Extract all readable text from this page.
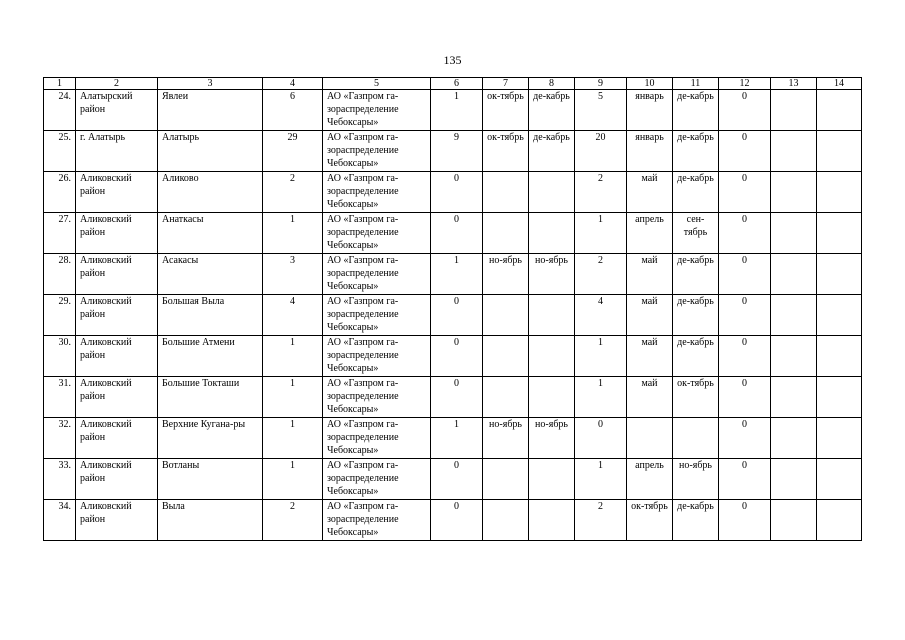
135
1	2	3	4	5	6	7	8	9	10	11	12	13	14
24.	Алатырский район	Явлеи	6	АО «Газпром га-зораспределение Чебоксары»	1	ок-тябрь	де-кабрь	5	январь	де-кабрь	0		
25.	г. Алатырь	Алатырь	29	АО «Газпром га-зораспределение Чебоксары»	9	ок-тябрь	де-кабрь	20	январь	де-кабрь	0		
26.	Аликовский район	Аликово	2	АО «Газпром га-зораспределение Чебоксары»	0			2	май	де-кабрь	0		
27.	Аликовский район	Анаткасы	1	АО «Газпром га-зораспределение Чебоксары»	0			1	апрель	сен-тябрь	0		
28.	Аликовский район	Асакасы	3	АО «Газпром га-зораспределение Чебоксары»	1	но-ябрь	но-ябрь	2	май	де-кабрь	0		
29.	Аликовский район	Большая Выла	4	АО «Газпром га-зораспределение Чебоксары»	0			4	май	де-кабрь	0		
30.	Аликовский район	Большие Атмени	1	АО «Газпром га-зораспределение Чебоксары»	0			1	май	де-кабрь	0		
31.	Аликовский район	Большие Токташи	1	АО «Газпром га-зораспределение Чебоксары»	0			1	май	ок-тябрь	0		
32.	Аликовский район	Верхние Кугана-ры	1	АО «Газпром га-зораспределение Чебоксары»	1	но-ябрь	но-ябрь	0			0		
33.	Аликовский район	Вотланы	1	АО «Газпром га-зораспределение Чебоксары»	0			1	апрель	но-ябрь	0		
34.	Аликовский район	Выла	2	АО «Газпром га-зораспределение Чебоксары»	0			2	ок-тябрь	де-кабрь	0		
